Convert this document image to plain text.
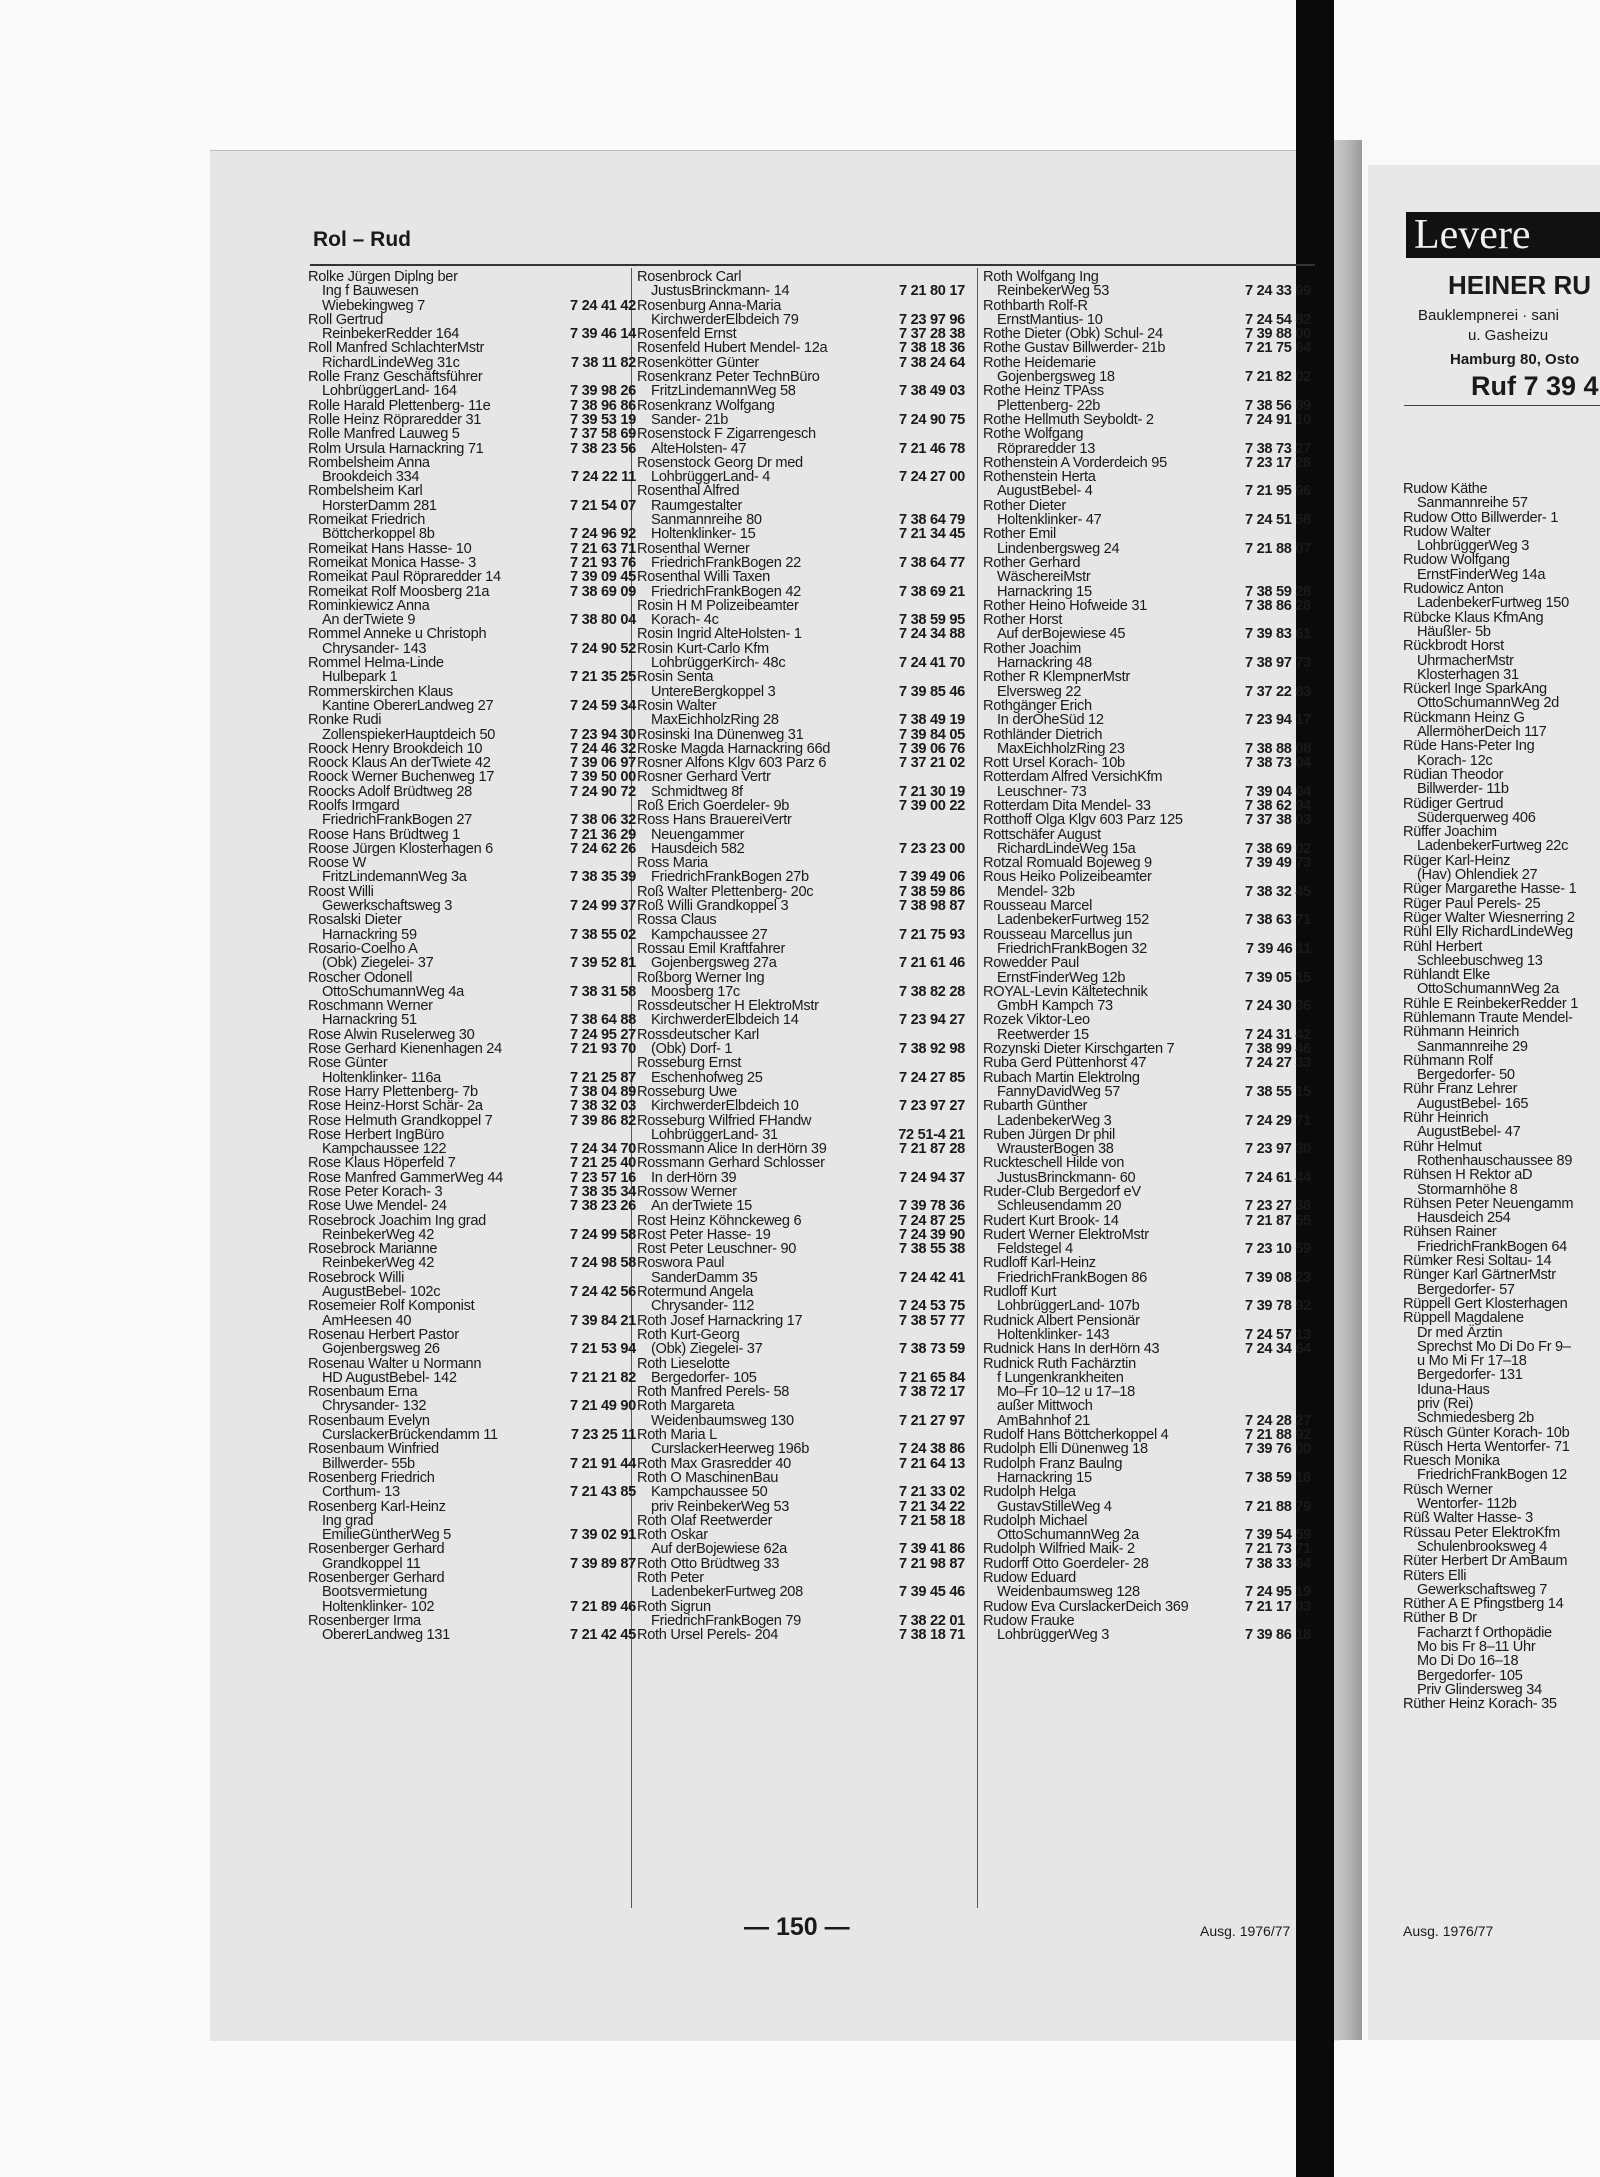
Rol – Rud
Rolke Jürgen Diplng ber
Ing f Bauwesen
Wiebekingweg 7	7 24 41 42
Roll Gertrud
ReinbekerRedder 164	7 39 46 14
Roll Manfred SchlachterMstr
RichardLindeWeg 31c	7 38 11 82
Rolle Franz Geschäftsführer
LohbrüggerLand- 164	7 39 98 26
Rolle Harald Plettenberg- 11e	7 38 96 86
Rolle Heinz Röpraredder 31	7 39 53 19
Rolle Manfred Lauweg 5	7 37 58 69
Rolm Ursula Harnackring 71	7 38 23 56
Rombelsheim Anna
Brookdeich 334	7 24 22 11
Rombelsheim Karl
HorsterDamm 281	7 21 54 07
Romeikat Friedrich
Böttcherkoppel 8b	7 24 96 92
Romeikat Hans Hasse- 10	7 21 63 71
Romeikat Monica Hasse- 3	7 21 93 76
Romeikat Paul Röpraredder 14	7 39 09 45
Romeikat Rolf Moosberg 21a	7 38 69 09
Rominkiewicz Anna
An derTwiete 9	7 38 80 04
Rommel Anneke u Christoph
Chrysander- 143	7 24 90 52
Rommel Helma-Linde
Hulbepark 1	7 21 35 25
Rommerskirchen Klaus
Kantine ObererLandweg 27	7 24 59 34
Ronke Rudi
ZollenspiekerHauptdeich 50	7 23 94 30
Roock Henry Brookdeich 10	7 24 46 32
Roock Klaus An derTwiete 42	7 39 06 97
Roock Werner Buchenweg 17	7 39 50 00
Roocks Adolf Brüdtweg 28	7 24 90 72
Roolfs Irmgard
FriedrichFrankBogen 27	7 38 06 32
Roose Hans Brüdtweg 1	7 21 36 29
Roose Jürgen Klosterhagen 6	7 24 62 26
Roose W
FritzLindemannWeg 3a	7 38 35 39
Roost Willi
Gewerkschaftsweg 3	7 24 99 37
Rosalski Dieter
Harnackring 59	7 38 55 02
Rosario-Coelho A
(Obk) Ziegelei- 37	7 39 52 81
Roscher Odonell
OttoSchumannWeg 4a	7 38 31 58
Roschmann Werner
Harnackring 51	7 38 64 88
Rose Alwin Ruselerweg 30	7 24 95 27
Rose Gerhard Kienenhagen 24	7 21 93 70
Rose Günter
Holtenklinker- 116a	7 21 25 87
Rose Harry Plettenberg- 7b	7 38 04 89
Rose Heinz-Horst Schär- 2a	7 38 32 03
Rose Helmuth Grandkoppel 7	7 39 86 82
Rose Herbert IngBüro
Kampchaussee 122	7 24 34 70
Rose Klaus Höperfeld 7	7 21 25 40
Rose Manfred GammerWeg 44	7 23 57 16
Rose Peter Korach- 3	7 38 35 34
Rose Uwe Mendel- 24	7 38 23 26
Rosebrock Joachim Ing grad
ReinbekerWeg 42	7 24 99 58
Rosebrock Marianne
ReinbekerWeg 42	7 24 98 58
Rosebrock Willi
AugustBebel- 102c	7 24 42 56
Rosemeier Rolf Komponist
AmHeesen 40	7 39 84 21
Rosenau Herbert Pastor
Gojenbergsweg 26	7 21 53 94
Rosenau Walter u Normann
HD AugustBebel- 142	7 21 21 82
Rosenbaum Erna
Chrysander- 132	7 21 49 90
Rosenbaum Evelyn
CurslackerBrückendamm 11	7 23 25 11
Rosenbaum Winfried
Billwerder- 55b	7 21 91 44
Rosenberg Friedrich
Corthum- 13	7 21 43 85
Rosenberg Karl-Heinz
Ing grad
EmilieGüntherWeg 5	7 39 02 91
Rosenberger Gerhard
Grandkoppel 11	7 39 89 87
Rosenberger Gerhard
Bootsvermietung
Holtenklinker- 102	7 21 89 46
Rosenberger Irma
ObererLandweg 131	7 21 42 45
Rosenbrock Carl
JustusBrinckmann- 14	7 21 80 17
Rosenburg Anna-Maria
KirchwerderElbdeich 79	7 23 97 96
Rosenfeld Ernst	7 37 28 38
Rosenfeld Hubert Mendel- 12a	7 38 18 36
Rosenkötter Günter	7 38 24 64
Rosenkranz Peter TechnBüro
FritzLindemannWeg 58	7 38 49 03
Rosenkranz Wolfgang
Sander- 21b	7 24 90 75
Rosenstock F Zigarrengesch
AlteHolsten- 47	7 21 46 78
Rosenstock Georg Dr med
LohbrüggerLand- 4	7 24 27 00
Rosenthal Alfred
Raumgestalter
Sanmannreihe 80	7 38 64 79
Holtenklinker- 15	7 21 34 45
Rosenthal Werner
FriedrichFrankBogen 22	7 38 64 77
Rosenthal Willi Taxen
FriedrichFrankBogen 42	7 38 69 21
Rosin H M Polizeibeamter
Korach- 4c	7 38 59 95
Rosin Ingrid AlteHolsten- 1	7 24 34 88
Rosin Kurt-Carlo Kfm
LohbrüggerKirch- 48c	7 24 41 70
Rosin Senta
UntereBergkoppel 3	7 39 85 46
Rosin Walter
MaxEichholzRing 28	7 38 49 19
Rosinski Ina Dünenweg 31	7 39 84 05
Roske Magda Harnackring 66d	7 39 06 76
Rosner Alfons Klgv 603 Parz 6	7 37 21 02
Rosner Gerhard Vertr
Schmidtweg 8f	7 21 30 19
Roß Erich Goerdeler- 9b	7 39 00 22
Ross Hans BrauereiVertr
Neuengammer
Hausdeich 582	7 23 23 00
Ross Maria
FriedrichFrankBogen 27b	7 39 49 06
Roß Walter Plettenberg- 20c	7 38 59 86
Roß Willi Grandkoppel 3	7 38 98 87
Rossa Claus
Kampchaussee 27	7 21 75 93
Rossau Emil Kraftfahrer
Gojenbergsweg 27a	7 21 61 46
Roßborg Werner Ing
Moosberg 17c	7 38 82 28
Rossdeutscher H ElektroMstr
KirchwerderElbdeich 14	7 23 94 27
Rossdeutscher Karl
(Obk) Dorf- 1	7 38 92 98
Rosseburg Ernst
Eschenhofweg 25	7 24 27 85
Rosseburg Uwe
KirchwerderElbdeich 10	7 23 97 27
Rosseburg Wilfried FHandw
LohbrüggerLand- 31	72 51-4 21
Rossmann Alice In derHörn 39	7 21 87 28
Rossmann Gerhard Schlosser
In derHörn 39	7 24 94 37
Rossow Werner
An derTwiete 15	7 39 78 36
Rost Heinz Köhnckeweg 6	7 24 87 25
Rost Peter Hasse- 19	7 24 39 90
Rost Peter Leuschner- 90	7 38 55 38
Roswora Paul
SanderDamm 35	7 24 42 41
Rotermund Angela
Chrysander- 112	7 24 53 75
Roth Josef Harnackring 17	7 38 57 77
Roth Kurt-Georg
(Obk) Ziegelei- 37	7 38 73 59
Roth Lieselotte
Bergedorfer- 105	7 21 65 84
Roth Manfred Perels- 58	7 38 72 17
Roth Margareta
Weidenbaumsweg 130	7 21 27 97
Roth Maria L
CurslackerHeerweg 196b	7 24 38 86
Roth Max Grasredder 40	7 21 64 13
Roth O MaschinenBau
Kampchaussee 50	7 21 33 02
priv ReinbekerWeg 53	7 21 34 22
Roth Olaf Reetwerder	7 21 58 18
Roth Oskar
Auf derBojewiese 62a	7 39 41 86
Roth Otto Brüdtweg 33	7 21 98 87
Roth Peter
LadenbekerFurtweg 208	7 39 45 46
Roth Sigrun
FriedrichFrankBogen 79	7 38 22 01
Roth Ursel Perels- 204	7 38 18 71
Roth Wolfgang Ing
ReinbekerWeg 53	7 24 33 99
Rothbarth Rolf-R
ErnstMantius- 10	7 24 54 82
Rothe Dieter (Obk) Schul- 24	7 39 88 00
Rothe Gustav Billwerder- 21b	7 21 75 64
Rothe Heidemarie
Gojenbergsweg 18	7 21 82 02
Rothe Heinz TPAss
Plettenberg- 22b	7 38 56 89
Rothe Hellmuth Seyboldt- 2	7 24 91 10
Rothe Wolfgang
Röpraredder 13	7 38 73 27
Rothenstein A Vorderdeich 95	7 23 17 28
Rothenstein Herta
AugustBebel- 4	7 21 95 96
Rother Dieter
Holtenklinker- 47	7 24 51 58
Rother Emil
Lindenbergsweg 24	7 21 88 07
Rother Gerhard
WäschereiMstr
Harnackring 15	7 38 59 28
Rother Heino Hofweide 31	7 38 86 28
Rother Horst
Auf derBojewiese 45	7 39 83 61
Rother Joachim
Harnackring 48	7 38 97 73
Rother R KlempnerMstr
Elversweg 22	7 37 22 83
Rothgänger Erich
In derÖheSüd 12	7 23 94 17
Rothländer Dietrich
MaxEichholzRing 23	7 38 88 08
Rott Ursel Korach- 10b	7 38 73 04
Rotterdam Alfred VersichKfm
Leuschner- 73	7 39 04 04
Rotterdam Dita Mendel- 33	7 38 62 94
Rotthoff Olga Klgv 603 Parz 125	7 37 38 03
Rottschäfer August
RichardLindeWeg 15a	7 38 69 02
Rotzal Romuald Bojeweg 9	7 39 49 73
Rous Heiko Polizeibeamter
Mendel- 32b	7 38 32 45
Rousseau Marcel
LadenbekerFurtweg 152	7 38 63 71
Rousseau Marcellus jun
FriedrichFrankBogen 32	7 39 46 11
Rowedder Paul
ErnstFinderWeg 12b	7 39 05 15
ROYAL-Levin Kältetechnik
GmbH Kampch 73	7 24 30 36
Rozek Viktor-Leo
Reetwerder 15	7 24 31 42
Rozynski Dieter Kirschgarten 7	7 38 99 46
Ruba Gerd Püttenhorst 47	7 24 27 33
Rubach Martin Elektrolng
FannyDavidWeg 57	7 38 55 15
Rubarth Günther
LadenbekerWeg 3	7 24 29 71
Ruben Jürgen Dr phil
WrausterBogen 38	7 23 97 30
Ruckteschell Hilde von
JustusBrinckmann- 60	7 24 61 44
Ruder-Club Bergedorf eV
Schleusendamm 20	7 23 27 38
Rudert Kurt Brook- 14	7 21 87 55
Rudert Werner ElektroMstr
Feldstegel 4	7 23 10 59
Rudloff Karl-Heinz
FriedrichFrankBogen 86	7 39 08 23
Rudloff Kurt
LohbrüggerLand- 107b	7 39 78 92
Rudnick Albert Pensionär
Holtenklinker- 143	7 24 57 13
Rudnick Hans In derHörn 43	7 24 34 64
Rudnick Ruth Fachärztin
f Lungenkrankheiten
Mo–Fr 10–12 u 17–18
außer Mittwoch
AmBahnhof 21	7 24 28 27
Rudolf Hans Böttcherkoppel 4	7 21 88 92
Rudolph Elli Dünenweg 18	7 39 76 00
Rudolph Franz Baulng
Harnackring 15	7 38 59 18
Rudolph Helga
GustavStilleWeg 4	7 21 88 79
Rudolph Michael
OttoSchumannWeg 2a	7 39 54 59
Rudolph Wilfried Maik- 2	7 21 73 71
Rudorff Otto Goerdeler- 28	7 38 33 64
Rudow Eduard
Weidenbaumsweg 128	7 24 95 19
Rudow Eva CurslackerDeich 369	7 21 17 03
Rudow Frauke
LohbrüggerWeg 3	7 39 86 18
— 150 —	Ausg. 1976/77
Levere
HEINER RU
Bauklempnerei · sani
u. Gasheizu
Hamburg 80, Osto
Ruf 7 39 4
Rudow Käthe
Sanmannreihe 57
Rudow Otto Billwerder- 1
Rudow Walter
LohbrüggerWeg 3
Rudow Wolfgang
ErnstFinderWeg 14a
Rudowicz Anton
LadenbekerFurtweg 150
Rübcke Klaus KfmAng
Häußler- 5b
Rückbrodt Horst
UhrmacherMstr
Klosterhagen 31
Rückerl Inge SparkAng
OttoSchumannWeg 2d
Rückmann Heinz G
AllermöherDeich 117
Rüde Hans-Peter Ing
Korach- 12c
Rüdian Theodor
Billwerder- 11b
Rüdiger Gertrud
Süderquerweg 406
Rüffer Joachim
LadenbekerFurtweg 22c
Rüger Karl-Heinz
(Hav) Ohlendiek 27
Rüger Margarethe Hasse- 1
Rüger Paul Perels- 25
Rüger Walter Wiesnerring 2
Rühl Elly RichardLindeWeg
Rühl Herbert
Schleebuschweg 13
Rühlandt Elke
OttoSchumannWeg 2a
Rühle E ReinbekerRedder 1
Rühlemann Traute Mendel-
Rühmann Heinrich
Sanmannreihe 29
Rühmann Rolf
Bergedorfer- 50
Rühr Franz Lehrer
AugustBebel- 165
Rühr Heinrich
AugustBebel- 47
Rühr Helmut
Rothenhauschaussee 89
Rühsen H Rektor aD
Stormarnhöhe 8
Rühsen Peter Neuengamm
Hausdeich 254
Rühsen Rainer
FriedrichFrankBogen 64
Rümker Resi Soltau- 14
Rünger Karl GärtnerMstr
Bergedorfer- 57
Rüppell Gert Klosterhagen
Rüppell Magdalene
Dr med Ärztin
Sprechst Mo Di Do Fr 9–
u Mo Mi Fr 17–18
Bergedorfer- 131
Iduna-Haus
priv (Rei)
Schmiedesberg 2b
Rüsch Günter Korach- 10b
Rüsch Herta Wentorfer- 71
Ruesch Monika
FriedrichFrankBogen 12
Rüsch Werner
Wentorfer- 112b
Rüß Walter Hasse- 3
Rüssau Peter ElektroKfm
Schulenbrooksweg 4
Rüter Herbert Dr AmBaum
Rüters Elli
Gewerkschaftsweg 7
Rüther A E Pfingstberg 14
Rüther B Dr
Facharzt f Orthopädie
Mo bis Fr 8–11 Uhr
Mo Di Do 16–18
Bergedorfer- 105
Priv Glindersweg 34
Rüther Heinz Korach- 35
Ausg. 1976/77
